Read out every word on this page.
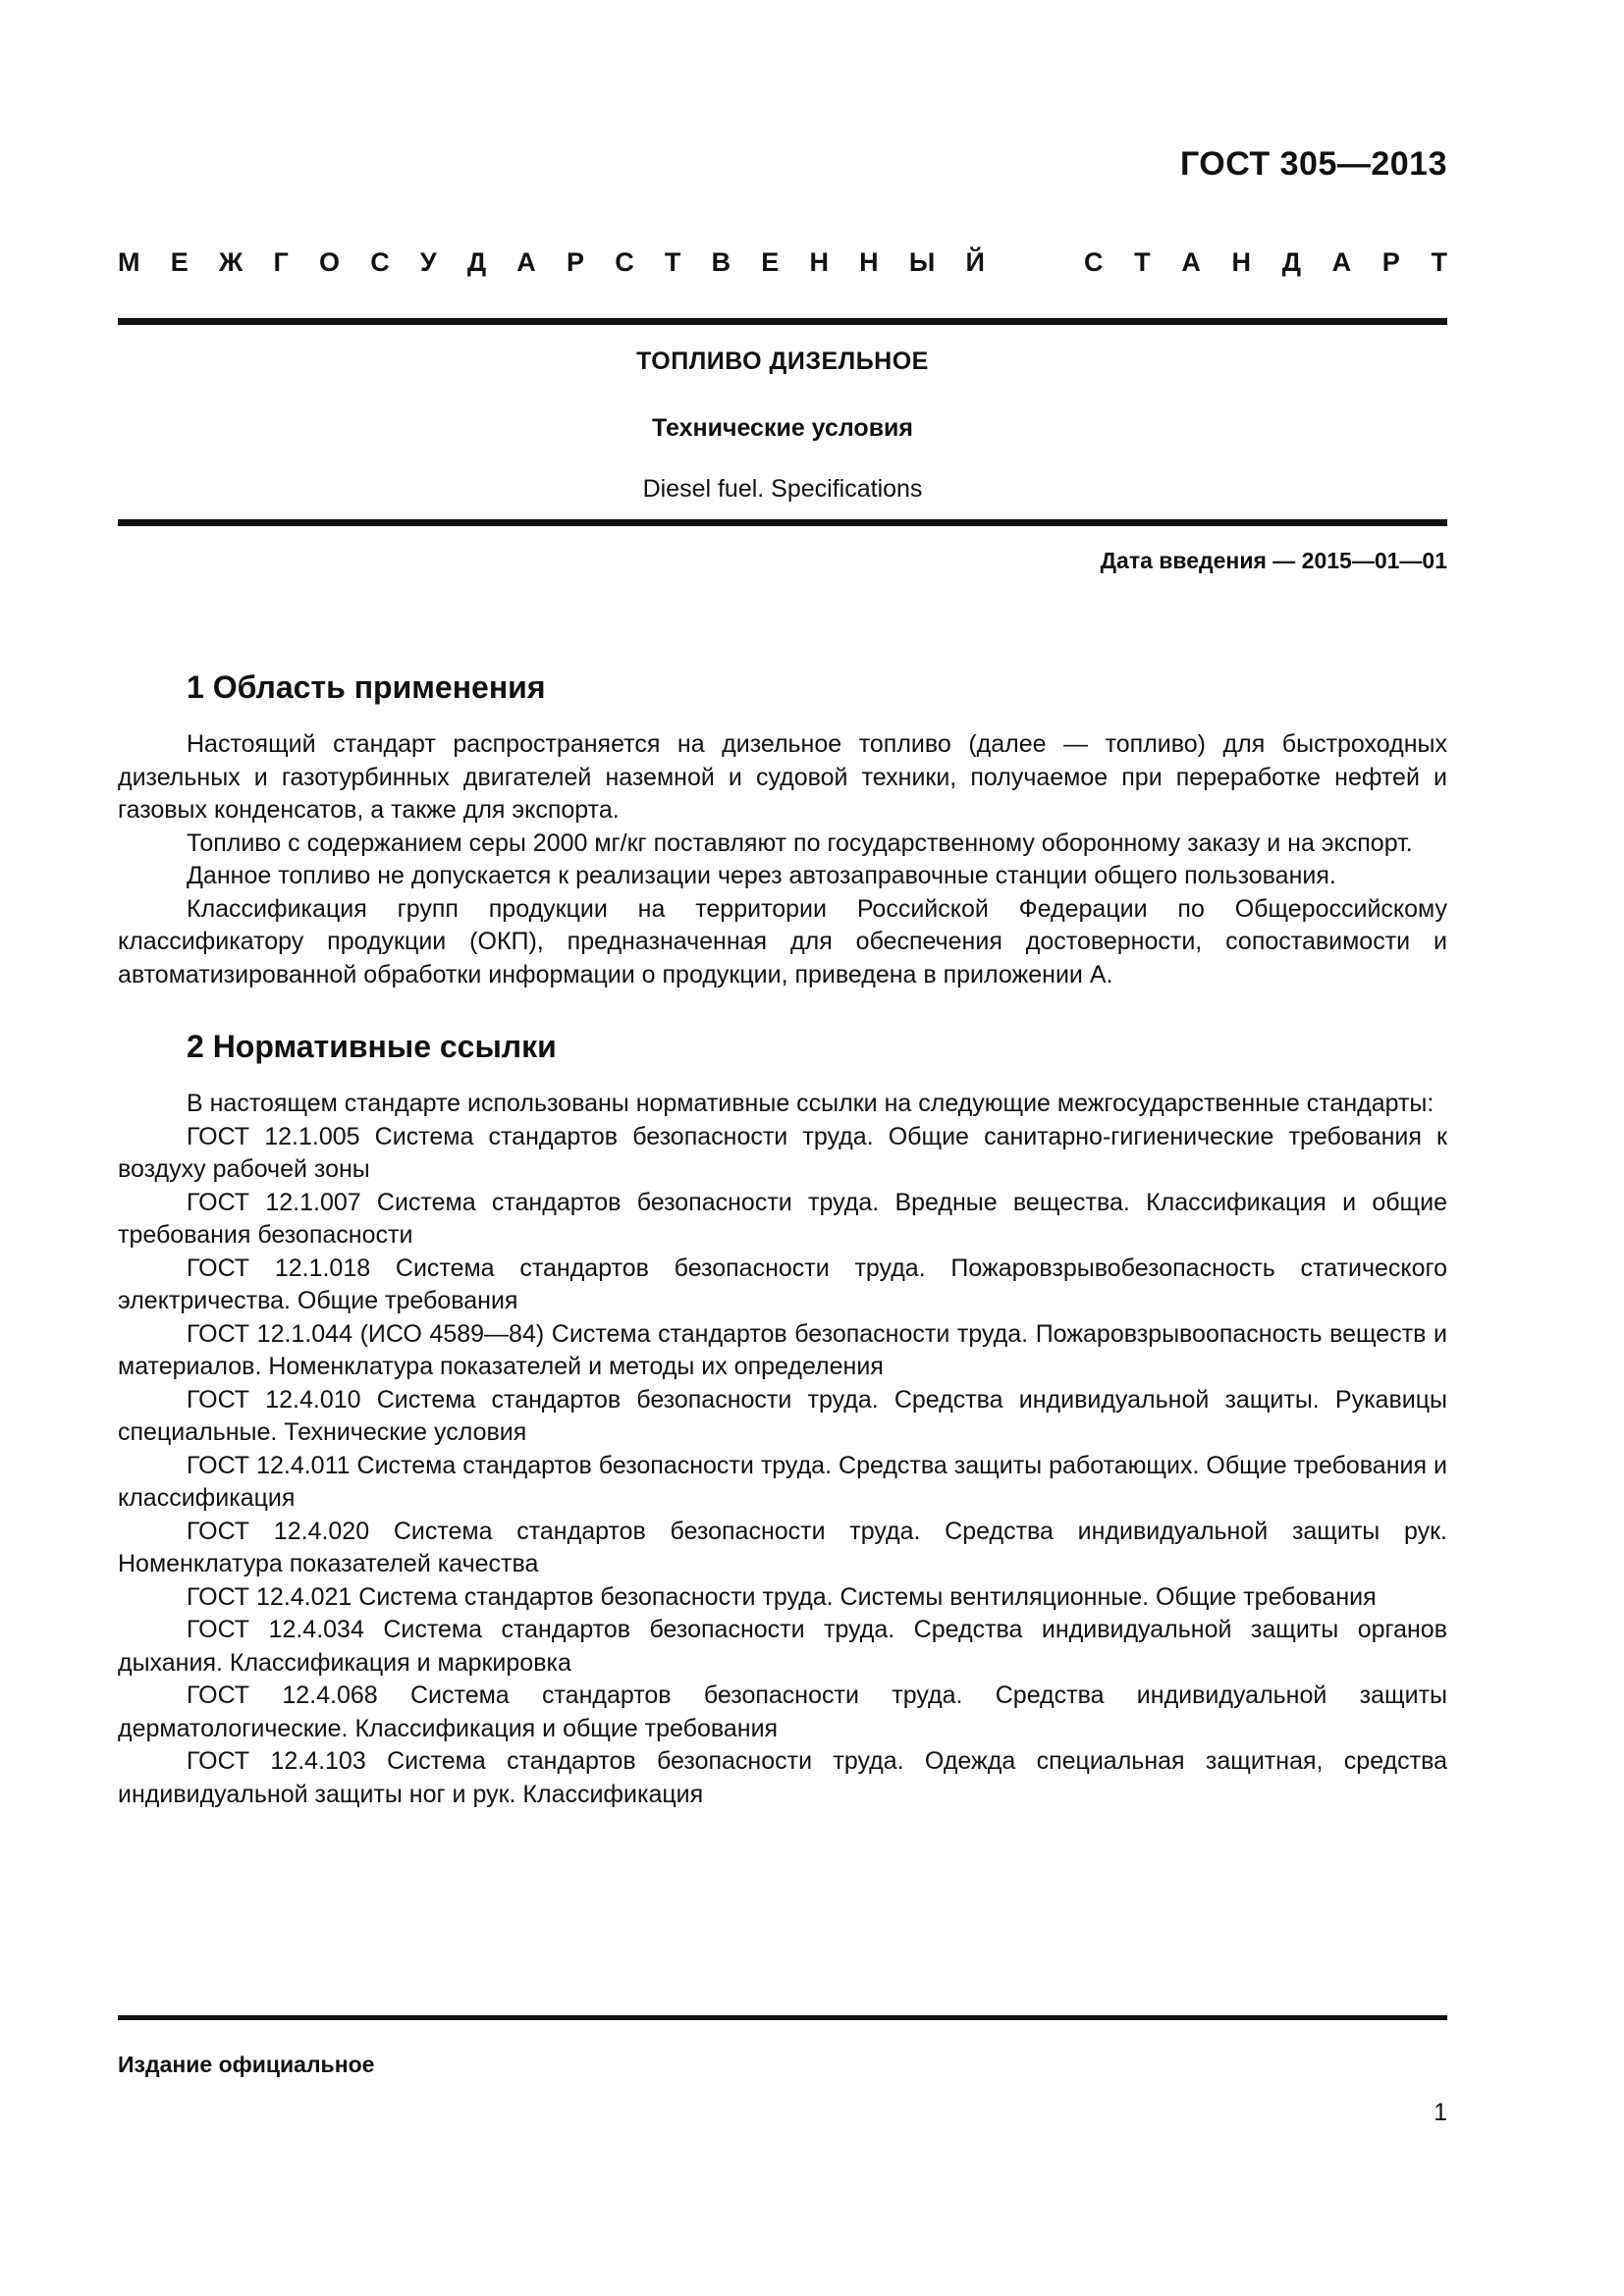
ГОСТ 305—2013
М Е Ж Г О С У Д А Р С Т В Е Н Н Ы Й	С Т А Н Д А Р Т
ТОПЛИВО ДИЗЕЛЬНОЕ
Технические условия
Diesel fuel. Specifications
Дата введения — 2015—01—01
1 Область применения

Настоящий стандарт распространяется на дизельное топливо (далее — топливо) для быстроходных дизельных и газотурбинных двигателей наземной и судовой техники, получаемое при переработке нефтей и газовых конденсатов, а также для экспорта.

Топливо с содержанием серы 2000 мг/кг поставляют по государственному оборонному заказу и на экспорт.

Данное топливо не допускается к реализации через автозаправочные станции общего пользования.

Классификация групп продукции на территории Российской Федерации по Общероссийскому классификатору продукции (ОКП), предназначенная для обеспечения достоверности, сопоставимости и автоматизированной обработки информации о продукции, приведена в приложении А.

2 Нормативные ссылки

В настоящем стандарте использованы нормативные ссылки на следующие межгосударственные стандарты:

ГОСТ 12.1.005 Система стандартов безопасности труда. Общие санитарно-гигиенические требования к воздуху рабочей зоны

ГОСТ 12.1.007 Система стандартов безопасности труда. Вредные вещества. Классификация и общие требования безопасности

ГОСТ 12.1.018 Система стандартов безопасности труда. Пожаровзрывобезопасность статического электричества. Общие требования

ГОСТ 12.1.044 (ИСО 4589—84) Система стандартов безопасности труда. Пожаровзрывоопасность веществ и материалов. Номенклатура показателей и методы их определения

ГОСТ 12.4.010 Система стандартов безопасности труда. Средства индивидуальной защиты. Рукавицы специальные. Технические условия

ГОСТ 12.4.011 Система стандартов безопасности труда. Средства защиты работающих. Общие требования и классификация

ГОСТ 12.4.020 Система стандартов безопасности труда. Средства индивидуальной защиты рук. Номенклатура показателей качества

ГОСТ 12.4.021 Система стандартов безопасности труда. Системы вентиляционные. Общие требования

ГОСТ 12.4.034 Система стандартов безопасности труда. Средства индивидуальной защиты органов дыхания. Классификация и маркировка

ГОСТ 12.4.068 Система стандартов безопасности труда. Средства индивидуальной защиты дерматологические. Классификация и общие требования

ГОСТ 12.4.103 Система стандартов безопасности труда. Одежда специальная защитная, средства индивидуальной защиты ног и рук. Классификация

Издание официальное
1
